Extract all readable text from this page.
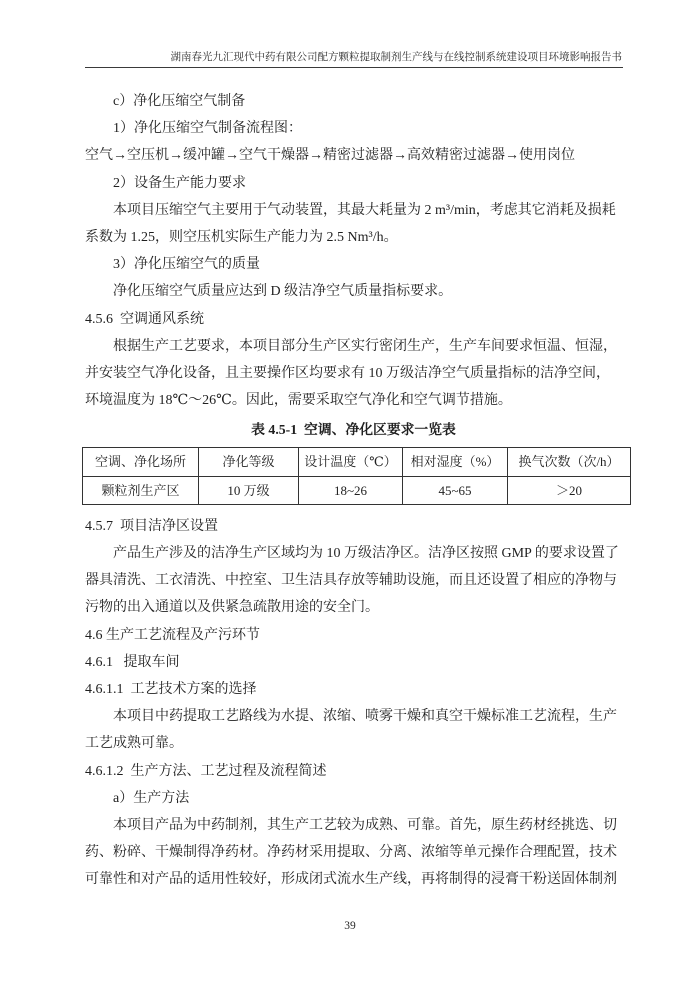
湖南春光九汇现代中药有限公司配方颗粒提取制剂生产线与在线控制系统建设项目环境影响报告书
c）净化压缩空气制备
1）净化压缩空气制备流程图：
空气→空压机→缓冲罐→空气干燥器→精密过滤器→高效精密过滤器→使用岗位
2）设备生产能力要求
本项目压缩空气主要用于气动装置，其最大耗量为 2 m³/min，考虑其它消耗及损耗
系数为 1.25，则空压机实际生产能力为 2.5 Nm³/h。
3）净化压缩空气的质量
净化压缩空气质量应达到 D 级洁净空气质量指标要求。
4.5.6  空调通风系统
根据生产工艺要求，本项目部分生产区实行密闭生产，生产车间要求恒温、恒湿，
并安装空气净化设备，且主要操作区均要求有 10 万级洁净空气质量指标的洁净空间，
环境温度为 18℃～26℃。因此，需要采取空气净化和空气调节措施。
表 4.5-1  空调、净化区要求一览表
空调、净化场所	净化等级	设计温度（℃）	相对湿度（%）	换气次数（次/h）
颗粒剂生产区	10 万级	18~26	45~65	＞20
4.5.7  项目洁净区设置
产品生产涉及的洁净生产区域均为 10 万级洁净区。洁净区按照 GMP 的要求设置了
器具清洗、工衣清洗、中控室、卫生洁具存放等辅助设施，而且还设置了相应的净物与
污物的出入通道以及供紧急疏散用途的安全门。
4.6 生产工艺流程及产污环节
4.6.1   提取车间
4.6.1.1  工艺技术方案的选择
本项目中药提取工艺路线为水提、浓缩、喷雾干燥和真空干燥标准工艺流程，生产
工艺成熟可靠。
4.6.1.2  生产方法、工艺过程及流程简述
a）生产方法
本项目产品为中药制剂，其生产工艺较为成熟、可靠。首先，原生药材经挑选、切
药、粉碎、干燥制得净药材。净药材采用提取、分离、浓缩等单元操作合理配置，技术
可靠性和对产品的适用性较好，形成闭式流水生产线，再将制得的浸膏干粉送固体制剂
39
